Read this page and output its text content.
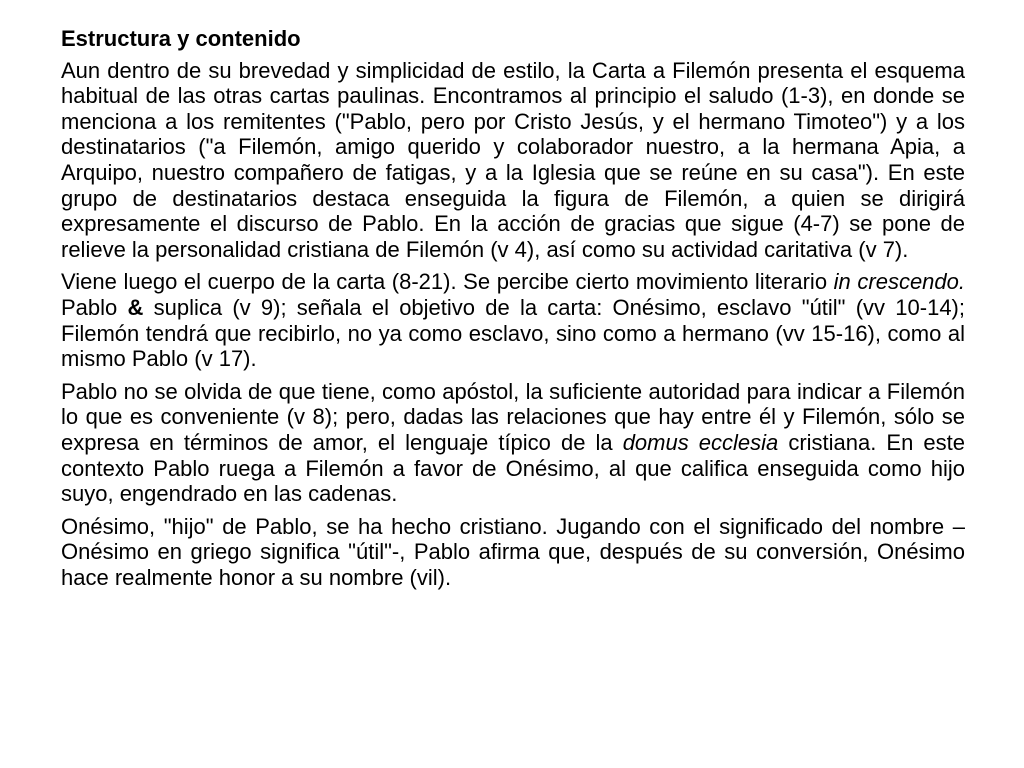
Estructura y contenido

Aun dentro de su brevedad y simplicidad de estilo, la Carta a Filemón presenta el esquema habitual de las otras cartas paulinas. Encontramos al principio el saludo (1-3), en donde se menciona a los remitentes ("Pablo, pero por Cristo Jesús, y el hermano Timoteo") y a los destinatarios ("a Filemón, amigo querido y colaborador nuestro, a la hermana Apia, a Arquipo, nuestro compañero de fatigas, y a la Iglesia que se reúne en su casa"). En este grupo de destinatarios destaca enseguida la figura de Filemón, a quien se dirigirá expresamente el discurso de Pablo. En la acción de gracias que sigue (4-7) se pone de relieve la personalidad cristiana de Filemón (v 4), así como su actividad caritativa (v 7).

Viene luego el cuerpo de la carta (8-21). Se percibe cierto movimiento literario in crescendo. Pablo & suplica (v 9); señala el objetivo de la carta: Onésimo, esclavo "útil" (vv 10-14); Filemón tendrá que recibirlo, no ya como esclavo, sino como a hermano (vv 15-16), como al mismo Pablo (v 17).

Pablo no se olvida de que tiene, como apóstol, la suficiente autoridad para indicar a Filemón lo que es conveniente (v 8); pero, dadas las relaciones que hay entre él y Filemón, sólo se expresa en términos de amor, el lenguaje típico de la domus ecclesia cristiana. En este contexto Pablo ruega a Filemón a favor de Onésimo, al que califica enseguida como hijo suyo, engendrado en las cadenas.

Onésimo, "hijo" de Pablo, se ha hecho cristiano. Jugando con el significado del nombre –Onésimo en griego significa "útil"-, Pablo afirma que, después de su conversión, Onésimo hace realmente honor a su nombre (vil).
